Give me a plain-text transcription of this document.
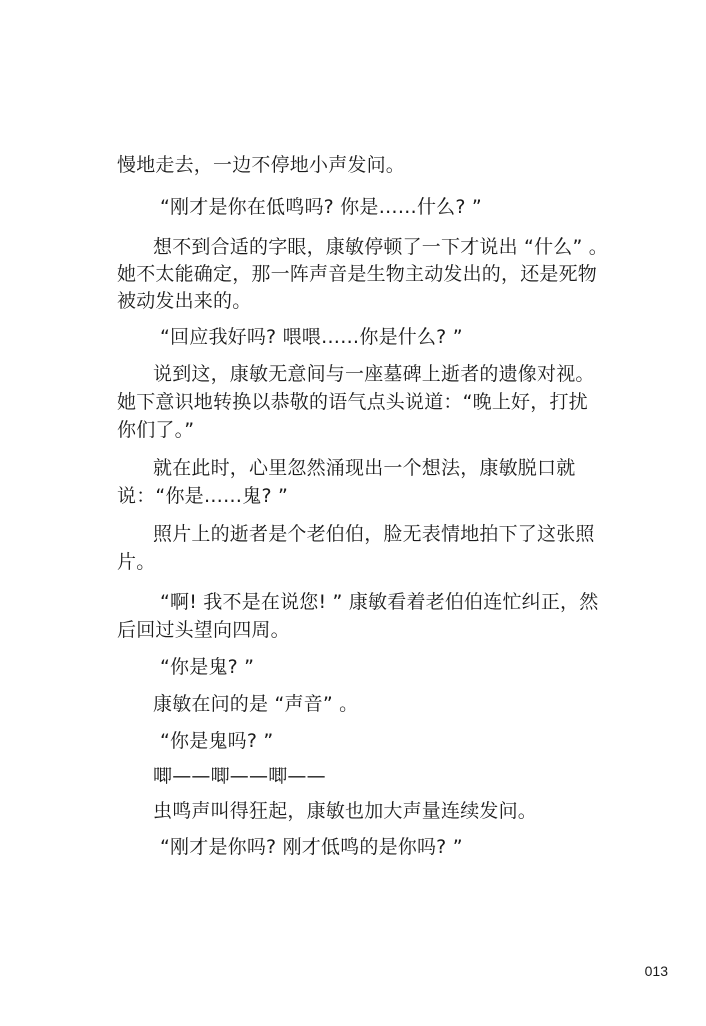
慢地走去，一边不停地小声发问。
“刚才是你在低鸣吗? 你是……什么? ”
想不到合适的字眼，康敏停顿了一下才说出 “什么” 。
她不太能确定，那一阵声音是生物主动发出的，还是死物
被动发出来的。
“回应我好吗? 喂喂……你是什么? ”
说到这，康敏无意间与一座墓碑上逝者的遗像对视。
她下意识地转换以恭敬的语气点头说道：“晚上好，打扰
你们了。”
就在此时，心里忽然涌现出一个想法，康敏脱口就
说：“你是……鬼? ”
照片上的逝者是个老伯伯，脸无表情地拍下了这张照
片。
“啊! 我不是在说您! ” 康敏看着老伯伯连忙纠正，然
后回过头望向四周。
“你是鬼? ”
康敏在问的是 “声音” 。
“你是鬼吗? ”
唧——唧——唧——
虫鸣声叫得狂起，康敏也加大声量连续发问。
“刚才是你吗? 刚才低鸣的是你吗? ”
013
